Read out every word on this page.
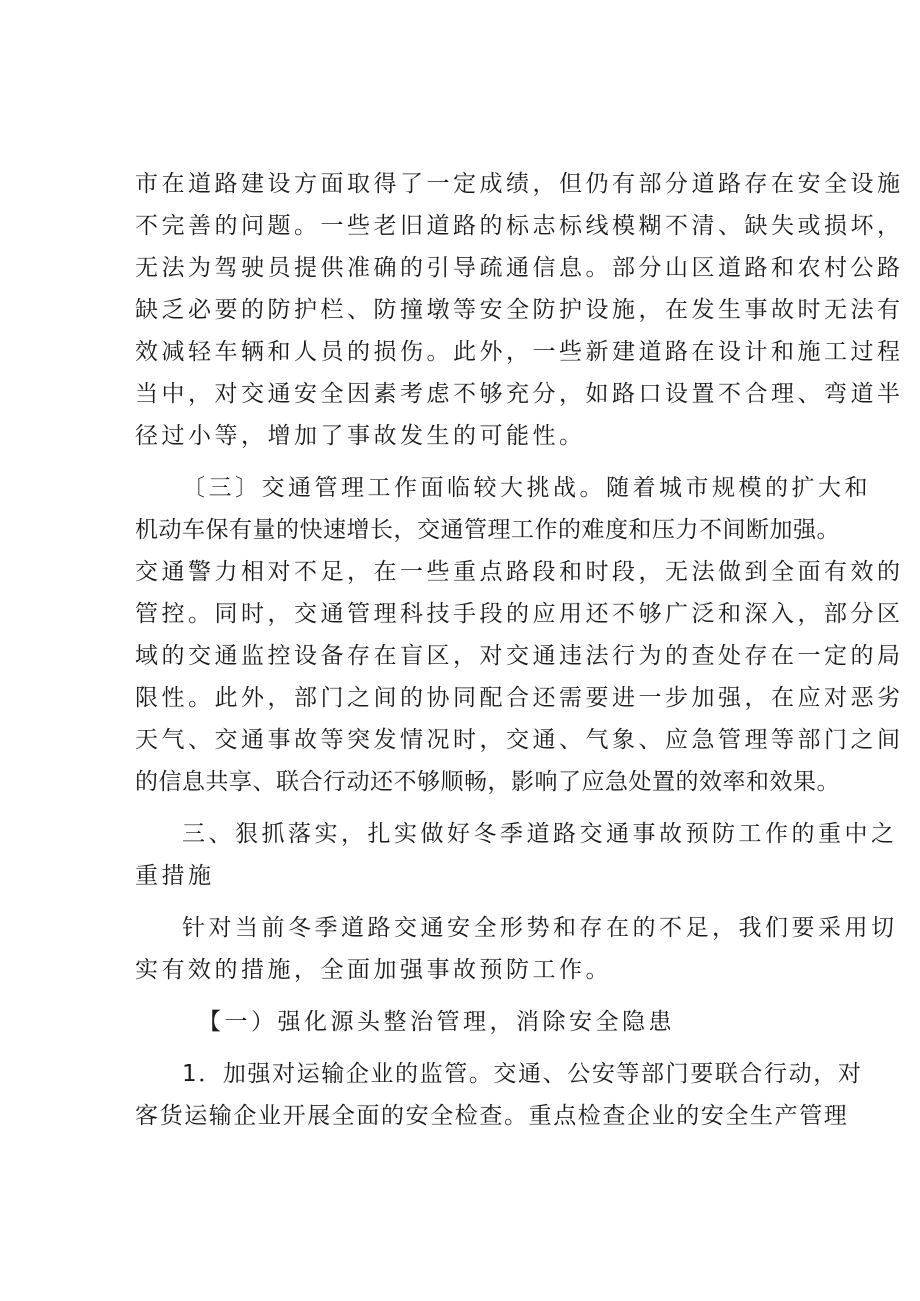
市在道路建设方面取得了一定成绩，但仍有部分道路存在安全设施
不完善的问题。一些老旧道路的标志标线模糊不清、缺失或损坏，
无法为驾驶员提供准确的引导疏通信息。部分山区道路和农村公路
缺乏必要的防护栏、防撞墩等安全防护设施，在发生事故时无法有
效减轻车辆和人员的损伤。此外，一些新建道路在设计和施工过程
当中，对交通安全因素考虑不够充分，如路口设置不合理、弯道半
径过小等，增加了事故发生的可能性。
〔三〕交通管理工作面临较大挑战。随着城市规模的扩大和
机动车保有量的快速增长，交通管理工作的难度和压力不间断加强。
交通警力相对不足，在一些重点路段和时段，无法做到全面有效的
管控。同时，交通管理科技手段的应用还不够广泛和深入，部分区
域的交通监控设备存在盲区，对交通违法行为的查处存在一定的局
限性。此外，部门之间的协同配合还需要进一步加强，在应对恶劣
天气、交通事故等突发情况时，交通、气象、应急管理等部门之间
的信息共享、联合行动还不够顺畅，影响了应急处置的效率和效果。
三、狠抓落实，扎实做好冬季道路交通事故预防工作的重中之
重措施
针对当前冬季道路交通安全形势和存在的不足，我们要采用切
实有效的措施，全面加强事故预防工作。
【一）强化源头整治管理，消除安全隐患
1．加强对运输企业的监管。交通、公安等部门要联合行动，对
客货运输企业开展全面的安全检查。重点检查企业的安全生产管理
